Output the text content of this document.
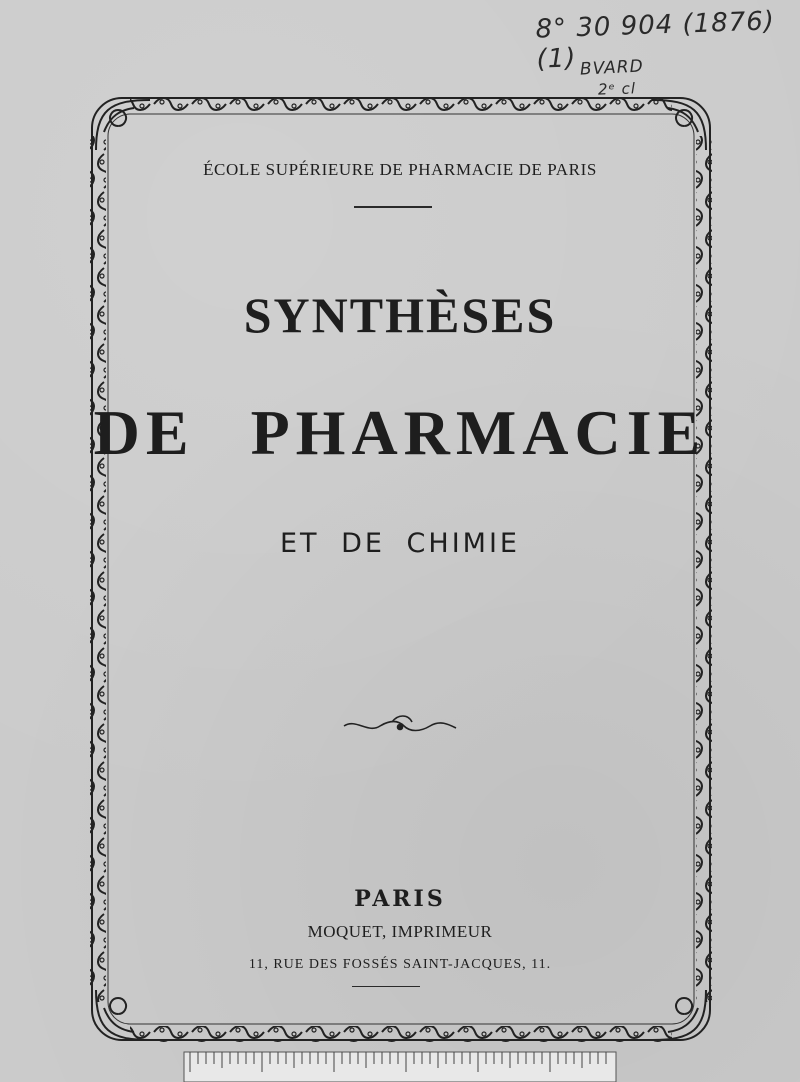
8° 30 904 (1876)(1) BVARD
2ᵉ cl
ÉCOLE SUPÉRIEURE DE PHARMACIE DE PARIS
SYNTHÈSES
DE PHARMACIE
ET DE CHIMIE
PARIS
MOQUET, IMPRIMEUR
11, RUE DES FOSSÉS SAINT-JACQUES, 11.
